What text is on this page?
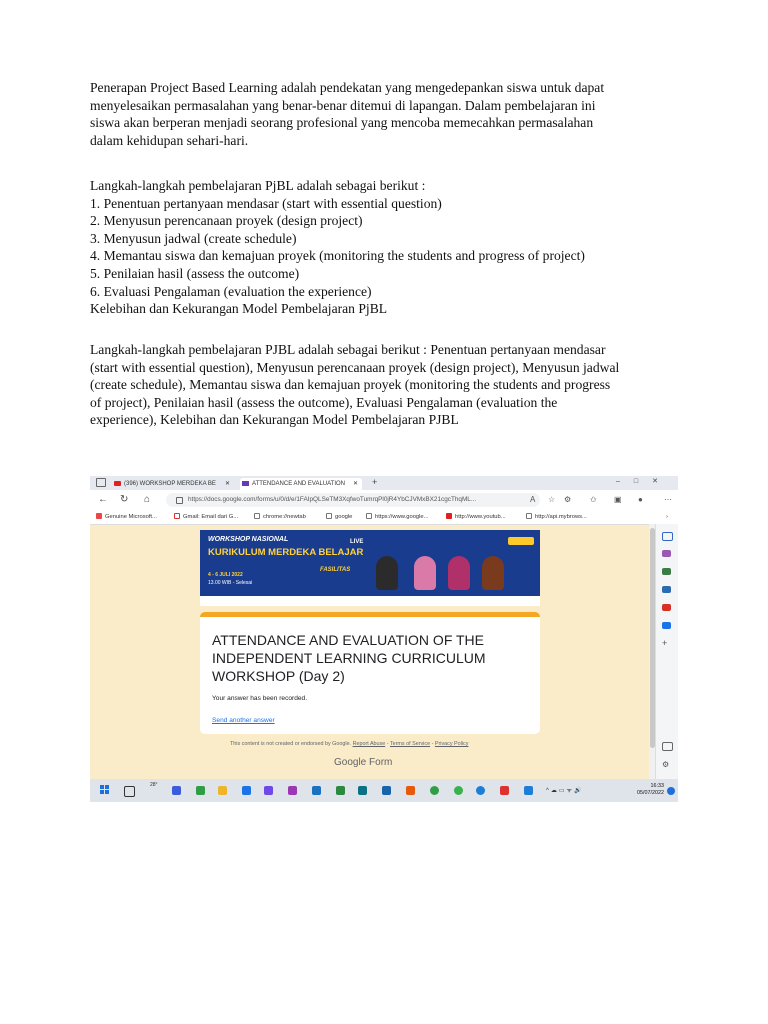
Penerapan Project Based Learning adalah pendekatan yang mengedepankan siswa untuk dapat
menyelesaikan permasalahan yang benar-benar ditemui di lapangan. Dalam pembelajaran ini
siswa akan berperan menjadi seorang profesional yang mencoba memecahkan permasalahan
dalam kehidupan sehari-hari.
Langkah-langkah pembelajaran PjBL adalah sebagai berikut :
1. Penentuan pertanyaan mendasar (start with essential question)
2. Menyusun perencanaan proyek (design project)
3. Menyusun jadwal (create schedule)
4. Memantau siswa dan kemajuan proyek (monitoring the students and progress of project)
5. Penilaian hasil (assess the outcome)
6. Evaluasi Pengalaman (evaluation the experience)
Kelebihan dan Kekurangan Model Pembelajaran PjBL
Langkah-langkah pembelajaran PJBL adalah sebagai berikut : Penentuan pertanyaan mendasar
(start with essential question), Menyusun perencanaan proyek (design project), Menyusun jadwal
(create schedule), Memantau siswa dan kemajuan proyek (monitoring the students and progress
of project), Penilaian hasil (assess the outcome), Evaluasi Pengalaman (evaluation the
experience), Kelebihan dan Kekurangan Model Pembelajaran PJBL
(396) WORKSHOP MERDEKA BE ✕	ATTENDANCE AND EVALUATION ✕ +	–□✕
← ↻ ⌂	https://docs.google.com/forms/u/0/d/e/1FAIpQLSeTM3XqfwoTumrqPl0jR4YbCJVMxBX21cgcThqML...	A ☆ ⚙ ✩ ▣ ●	⋯
Genuine Microsoft...	Gmail: Email dari G...	chrome://newtab	google	https://www.google...	http://www.youtub...	http://api.mybrows...	›
+
⚙
WORKSHOP NASIONAL
KURIKULUM MERDEKA BELAJAR
4 - 6 JULI 2022
13.00 WIB - Selesai
FASILITAS
LIVE
ATTENDANCE AND EVALUATION OF THE INDEPENDENT LEARNING CURRICULUM WORKSHOP (Day 2)
Your answer has been recorded.
Send another answer
This content is not created or endorsed by Google. Report Abuse - Terms of Service - Privacy Policy
Google Form
28°
^☁▭ᯤ🔊
16:33
05/07/2022
